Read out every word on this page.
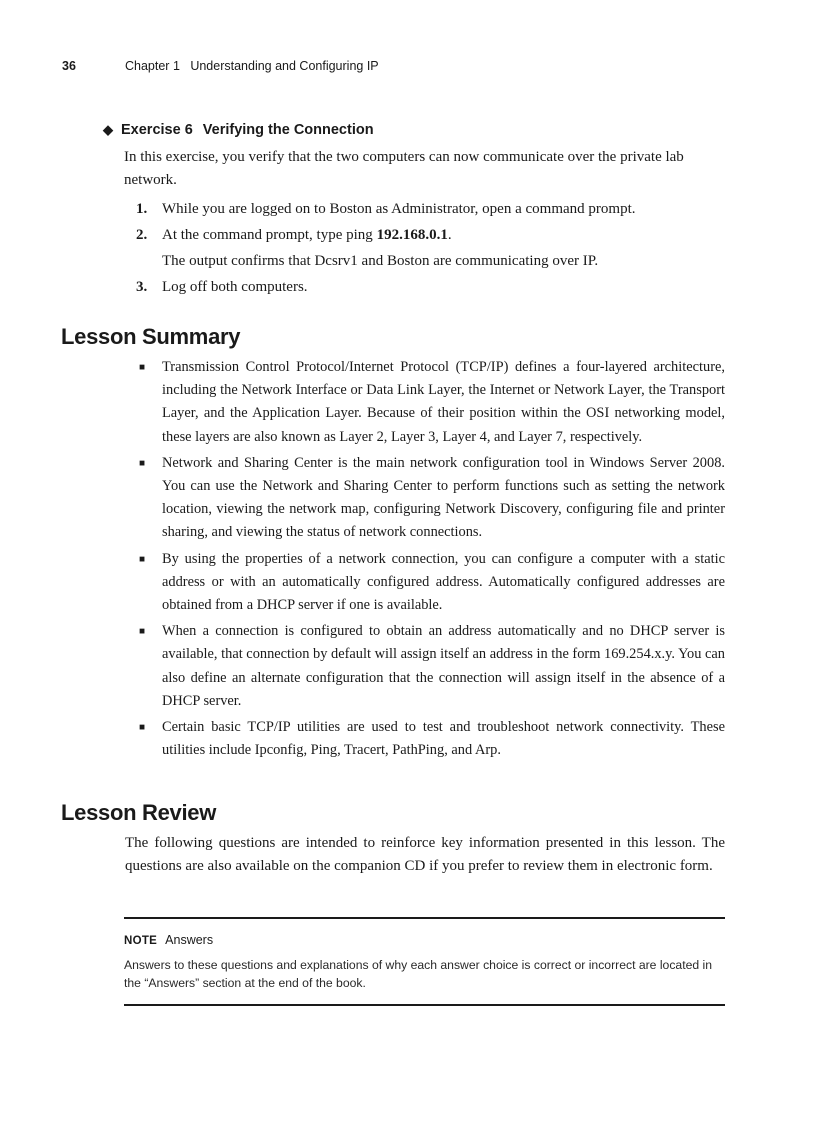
36	Chapter 1   Understanding and Configuring IP
◆ Exercise 6 Verifying the Connection

In this exercise, you verify that the two computers can now communicate over the private lab network.

1. While you are logged on to Boston as Administrator, open a command prompt.
2. At the command prompt, type ping 192.168.0.1.
The output confirms that Dcsrv1 and Boston are communicating over IP.
3. Log off both computers.
Lesson Summary
■	Transmission Control Protocol/Internet Protocol (TCP/IP) defines a four-layered architecture, including the Network Interface or Data Link Layer, the Internet or Network Layer, the Transport Layer, and the Application Layer. Because of their position within the OSI networking model, these layers are also known as Layer 2, Layer 3, Layer 4, and Layer 7, respectively.
■	Network and Sharing Center is the main network configuration tool in Windows Server 2008. You can use the Network and Sharing Center to perform functions such as setting the network location, viewing the network map, configuring Network Discovery, configuring file and printer sharing, and viewing the status of network connections.
■	By using the properties of a network connection, you can configure a computer with a static address or with an automatically configured address. Automatically configured addresses are obtained from a DHCP server if one is available.
■	When a connection is configured to obtain an address automatically and no DHCP server is available, that connection by default will assign itself an address in the form 169.254.x.y. You can also define an alternate configuration that the connection will assign itself in the absence of a DHCP server.
■	Certain basic TCP/IP utilities are used to test and troubleshoot network connectivity. These utilities include Ipconfig, Ping, Tracert, PathPing, and Arp.
Lesson Review

The following questions are intended to reinforce key information presented in this lesson. The questions are also available on the companion CD if you prefer to review them in electronic form.

NOTE Answers

Answers to these questions and explanations of why each answer choice is correct or incorrect are located in the “Answers” section at the end of the book.
